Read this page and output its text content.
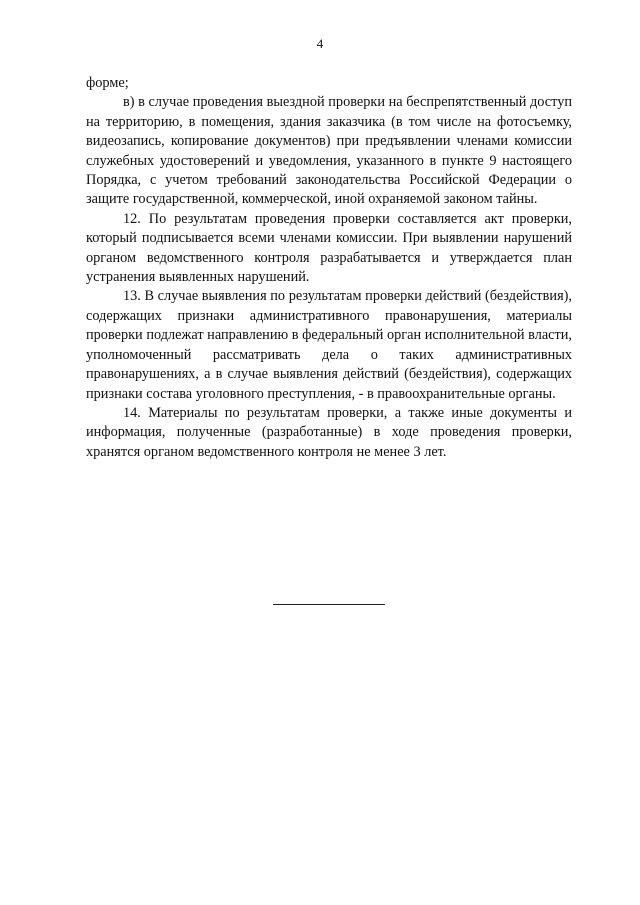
4

форме;

в) в случае проведения выездной проверки на беспрепятственный доступ на территорию, в помещения, здания заказчика (в том числе на фотосъемку, видеозапись, копирование документов) при предъявлении членами комиссии служебных удостоверений и уведомления, указанного в пункте 9 настоящего Порядка, с учетом требований законодательства Российской Федерации о защите государственной, коммерческой, иной охраняемой законом тайны.

12. По результатам проведения проверки составляется акт проверки, который подписывается всеми членами комиссии. При выявлении нарушений органом ведомственного контроля разрабатывается и утверждается план устранения выявленных нарушений.

13. В случае выявления по результатам проверки действий (бездействия), содержащих признаки административного правонарушения, материалы проверки подлежат направлению в федеральный орган исполнительной власти, уполномоченный рассматривать дела о таких административных правонарушениях, а в случае выявления действий (бездействия), содержащих признаки состава уголовного преступления, - в правоохранительные органы.

14. Материалы по результатам проверки, а также иные документы и информация, полученные (разработанные) в ходе проведения проверки, хранятся органом ведомственного контроля не менее 3 лет.
